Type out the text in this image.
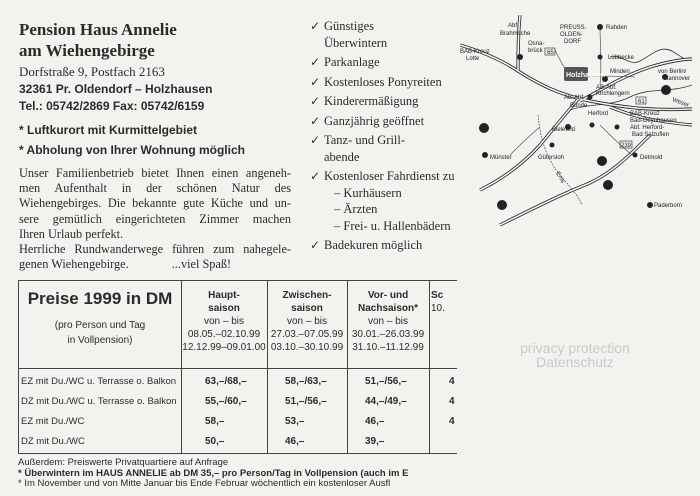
Pension Haus Annelie
am Wiehengebirge
Dorfstraße 9, Postfach 2163
32361 Pr. Oldendorf – Holzhausen
Tel.: 05742/2869 Fax: 05742/6159
* Luftkurort mit Kurmittelgebiet
* Abholung von Ihrer Wohnung möglich
Unser Familienbetrieb bietet Ihnen einen angeneh-
men Aufenthalt in der schönen Natur des
Wiehengebirges. Die bekannte gute Küche und un-
sere gemütlich eingerichteten Zimmer machen
Ihren Urlaub perfekt.
Herrliche Rundwanderwege führen zum nahegele-
genen Wiehengebirge.              ...viel Spaß!
✓ Günstiges
Überwintern
✓ Parkanlage
✓ Kostenloses Ponyreiten
✓ Kinderermäßigung
✓ Ganzjährig geöffnet
✓ Tanz- und Grill-
abende
✓ Kostenloser Fahrdienst zu
– Kurhäusern
– Ärzten
– Frei- u. Hallenbädern
✓ Badekuren möglich
65
61
239
Abf.
Brahmsche
Osna-
brück
BAB-Kreuz
Lotte
PREUSS.
OLDEN-
DORF
Rahden
Lübbecke
Minden	von Berlin/
Hannover
Holzhausen
AB-Abf.
Kirchlengern
AB-Abf.
Bünde
Herford	BAB-Kreuz
Bad-Oeynhausen
Abf. Herford-
Bad Salzuflen
Bielefeld
Gütersloh
Münster	Detmold
Paderborn
Weser
Ems
Preise 1999 in DM
(pro Person und Tag
in Vollpension)
Haupt-
saison
von – bis
08.05.–02.10.99
12.12.99–09.01.00
Zwischen-
saison
von – bis
27.03.–07.05.99
03.10.–30.10.99
Vor- und
Nachsaison*
von – bis
30.01.–26.03.99
31.10.–11.12.99
Sc
10.
EZ mit Du./WC u. Terrasse o. Balkon	63,–/68,–	58,–/63,–	51,–/56,–	4
DZ mit Du./WC u. Terrasse o. Balkon	55,–/60,–	51,–/56,–	44,–/49,–	4
EZ mit Du./WC	58,–	53,–	46,–	4
DZ mit Du./WC	50,–	46,–	39,–
Außerdem: Preiswerte Privatquartiere auf Anfrage
* Überwintern im HAUS ANNELIE ab DM 35,– pro Person/Tag in Vollpension (auch im E
* Im November und von Mitte Januar bis Ende Februar wöchentlich ein kostenloser Ausfl
privacy protection
Datenschutz
